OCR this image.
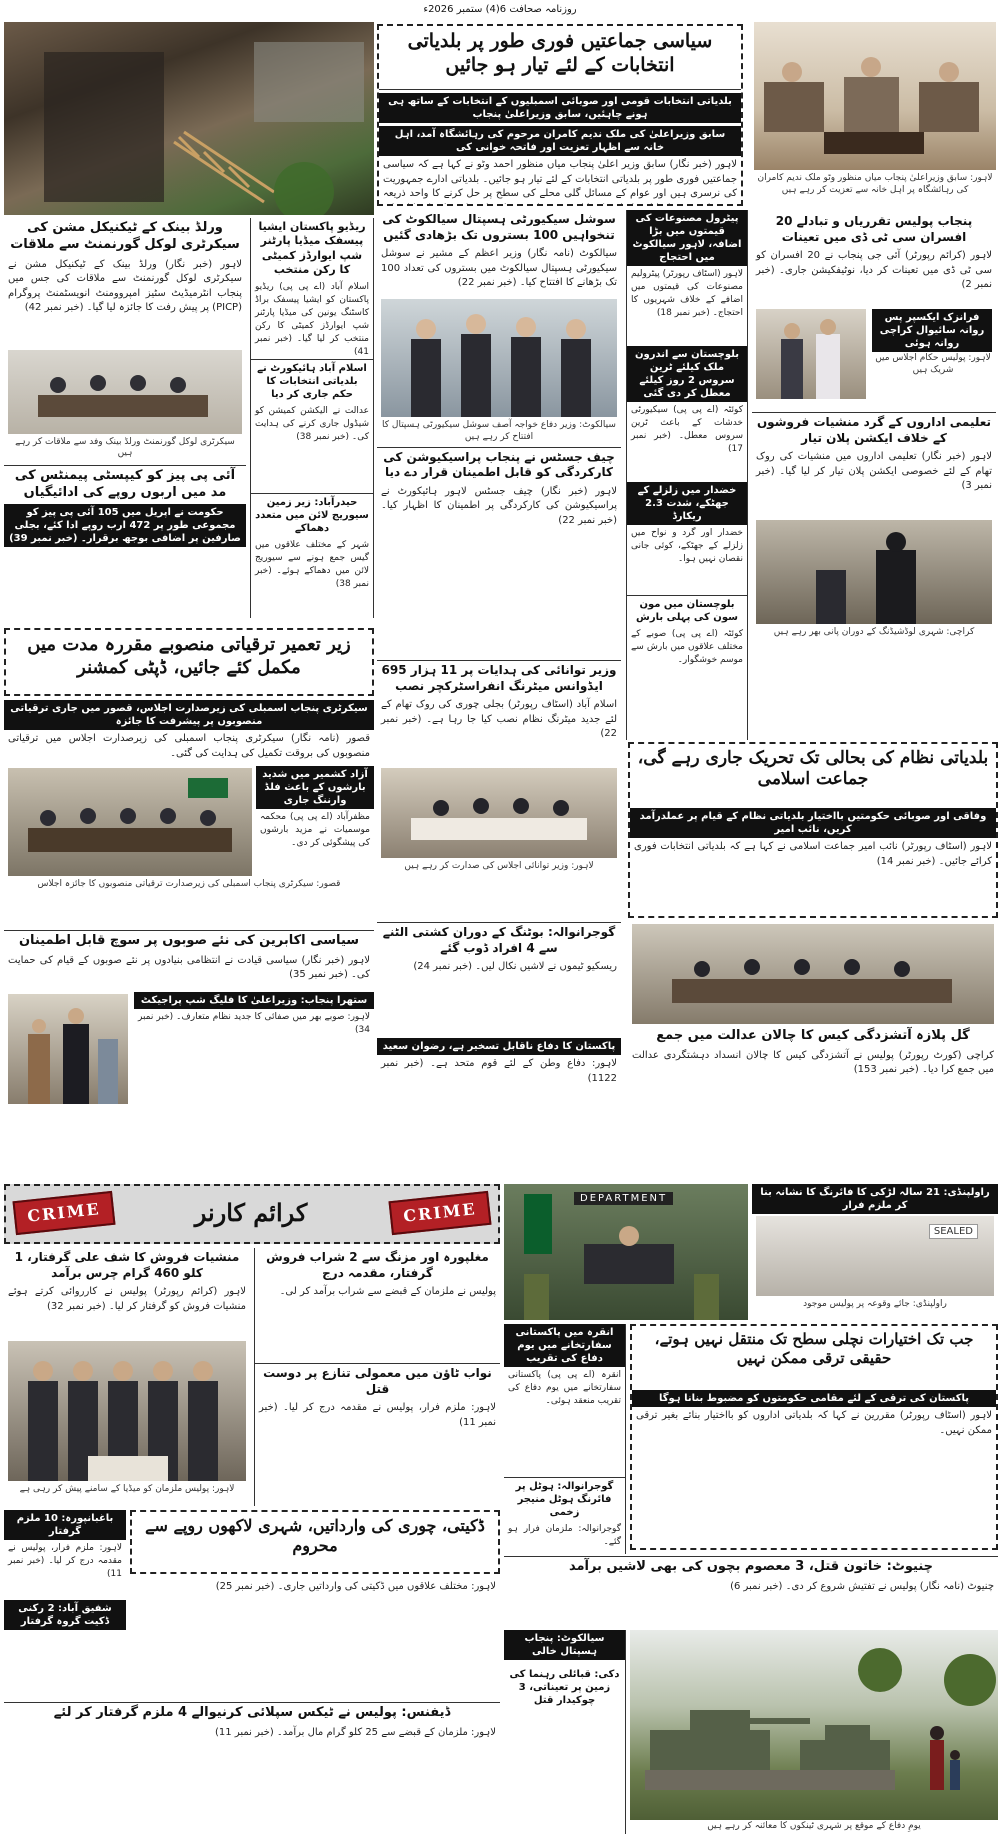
روزنامہ صحافت 6(4) ستمبر 2026ء
سیاسی جماعتیں فوری طور پر بلدیاتی انتخابات کے لئے تیار ہو جائیں
بلدیاتی انتخابات قومی اور صوبائی اسمبلیوں کے انتخابات کے ساتھ ہی ہونے چاہئیں، سابق وزیراعلیٰ پنجاب
سابق وزیراعلیٰ کی ملک ندیم کامران مرحوم کی رہائشگاہ آمد، اہل خانہ سے اظہار تعزیت اور فاتحہ خوانی کی
لاہور (خبر نگار) سابق وزیر اعلیٰ پنجاب میاں منظور احمد وٹو نے کہا ہے کہ سیاسی جماعتیں فوری طور پر بلدیاتی انتخابات کے لئے تیار ہو جائیں۔ بلدیاتی ادارے جمہوریت کی نرسری ہیں اور عوام کے مسائل گلی محلے کی سطح پر حل کرنے کا واحد ذریعہ
لاہور: سابق وزیراعلیٰ پنجاب میاں منظور وٹو ملک ندیم کامران کی رہائشگاہ پر اہل خانہ سے تعزیت کر رہے ہیں
ورلڈ بینک کے ٹیکنیکل مشن کی سیکرٹری لوکل گورنمنٹ سے ملاقات
لاہور (خبر نگار) ورلڈ بینک کے ٹیکنیکل مشن نے سیکرٹری لوکل گورنمنٹ سے ملاقات کی جس میں پنجاب انٹرمیڈیٹ سٹیز امپروومنٹ انویسٹمنٹ پروگرام (PICP) پر پیش رفت کا جائزہ لیا گیا۔ (خبر نمبر 42)
سیکرٹری لوکل گورنمنٹ ورلڈ بینک وفد سے ملاقات کر رہے ہیں
آئی پی پیز کو کیپسٹی پیمنٹس کی مد میں اربوں روپے کی ادائیگیاں
حکومت نے اپریل میں 105 آئی پی پیز کو مجموعی طور پر 472 ارب روپے ادا کئے، بجلی صارفین پر اضافی بوجھ برقرار۔ (خبر نمبر 39)
ریڈیو پاکستان ایشیا پیسفک میڈیا پارٹنر شپ ایوارڈز کمیٹی کا رکن منتخب
اسلام آباد (اے پی پی) ریڈیو پاکستان کو ایشیا پیسفک براڈ کاسٹنگ یونین کی میڈیا پارٹنر شپ ایوارڈز کمیٹی کا رکن منتخب کر لیا گیا۔ (خبر نمبر 41)
اسلام آباد ہائیکورٹ نے بلدیاتی انتخابات کا حکم جاری کر دیا
عدالت نے الیکشن کمیشن کو شیڈول جاری کرنے کی ہدایت کی۔ (خبر نمبر 38)
حیدرآباد: زیر زمین سیوریج لائن میں متعدد دھماکے
شہر کے مختلف علاقوں میں گیس جمع ہونے سے سیوریج لائن میں دھماکے ہوئے۔ (خبر نمبر 38)
سوشل سیکیورٹی ہسپتال سیالکوٹ کی تنخواہیں 100 بستروں تک بڑھادی گئیں
سیالکوٹ (نامہ نگار) وزیر اعظم کے مشیر نے سوشل سیکیورٹی ہسپتال سیالکوٹ میں بستروں کی تعداد 100 تک بڑھانے کا افتتاح کیا۔ (خبر نمبر 22)
سیالکوٹ: وزیر دفاع خواجہ آصف سوشل سیکیورٹی ہسپتال کا افتتاح کر رہے ہیں
چیف جسٹس نے پنجاب پراسیکیوشن کی کارکردگی کو قابل اطمینان قرار دے دیا
لاہور (خبر نگار) چیف جسٹس لاہور ہائیکورٹ نے پراسیکیوشن کی کارکردگی پر اطمینان کا اظہار کیا۔ (خبر نمبر 22)
پیٹرول مصنوعات کی قیمتوں میں بڑا اضافہ، لاہور سیالکوٹ میں احتجاج
لاہور (اسٹاف رپورٹر) پیٹرولیم مصنوعات کی قیمتوں میں اضافے کے خلاف شہریوں کا احتجاج۔ (خبر نمبر 18)
بلوچستان سے اندرون ملک کیلئے ٹرین سروس 2 روز کیلئے معطل کر دی گئی
کوئٹہ (اے پی پی) سیکیورٹی خدشات کے باعث ٹرین سروس معطل۔ (خبر نمبر 17)
خضدار میں زلزلے کے جھٹکے، شدت 2.3 ریکارڈ
خضدار اور گرد و نواح میں زلزلے کے جھٹکے، کوئی جانی نقصان نہیں ہوا۔
بلوچستان میں مون سون کی پہلی بارش
کوئٹہ (اے پی پی) صوبے کے مختلف علاقوں میں بارش سے موسم خوشگوار۔
پنجاب پولیس تقرریاں و تبادلے 20 افسران سی ٹی ڈی میں تعینات
لاہور (کرائم رپورٹر) آئی جی پنجاب نے 20 افسران کو سی ٹی ڈی میں تعینات کر دیا، نوٹیفکیشن جاری۔ (خبر نمبر 2)
فرانزک ایکسپر پس روانہ سائیوال کراچی روانہ ہوئی
لاہور: پولیس حکام اجلاس میں شریک ہیں
تعلیمی اداروں کے گرد منشیات فروشوں کے خلاف ایکشن پلان تیار
لاہور (خبر نگار) تعلیمی اداروں میں منشیات کی روک تھام کے لئے خصوصی ایکشن پلان تیار کر لیا گیا۔ (خبر نمبر 3)
کراچی: شہری لوڈشیڈنگ کے دوران پانی بھر رہے ہیں
زیر تعمیر ترقیاتی منصوبے مقررہ مدت میں مکمل کئے جائیں، ڈپٹی کمشنر
سیکرٹری پنجاب اسمبلی کی زیرصدارت اجلاس، قصور میں جاری ترقیاتی منصوبوں پر پیشرفت کا جائزہ
قصور (نامہ نگار) سیکرٹری پنجاب اسمبلی کی زیرصدارت اجلاس میں ترقیاتی منصوبوں کی بروقت تکمیل کی ہدایت کی گئی۔
آزاد کشمیر میں شدید بارشوں کے باعث فلڈ وارننگ جاری
مظفرآباد (اے پی پی) محکمہ موسمیات نے مزید بارشوں کی پیشگوئی کر دی۔
قصور: سیکرٹری پنجاب اسمبلی کی زیرصدارت ترقیاتی منصوبوں کا جائزہ اجلاس
وزیر توانائی کی ہدایات پر 11 ہزار 695 ایڈوانس میٹرنگ انفراسٹرکچر نصب
اسلام آباد (اسٹاف رپورٹر) بجلی چوری کی روک تھام کے لئے جدید میٹرنگ نظام نصب کیا جا رہا ہے۔ (خبر نمبر 22)
لاہور: وزیر توانائی اجلاس کی صدارت کر رہے ہیں
بلدیاتی نظام کی بحالی تک تحریک جاری رہے گی، جماعت اسلامی
وفاقی اور صوبائی حکومتیں بااختیار بلدیاتی نظام کے قیام پر عملدرآمد کریں، نائب امیر
لاہور (اسٹاف رپورٹر) نائب امیر جماعت اسلامی نے کہا ہے کہ بلدیاتی انتخابات فوری کرائے جائیں۔ (خبر نمبر 14)
سیاسی اکابرین کی نئے صوبوں پر سوچ قابل اطمینان
لاہور (خبر نگار) سیاسی قیادت نے انتظامی بنیادوں پر نئے صوبوں کے قیام کی حمایت کی۔ (خبر نمبر 35)
ستھرا پنجاب: وزیراعلیٰ کا فلیگ شپ پراجیکٹ
لاہور: صوبے بھر میں صفائی کا جدید نظام متعارف۔ (خبر نمبر 34)
گوجرانوالہ: بوٹنگ کے دوران کشتی الٹنے سے 4 افراد ڈوب گئے
ریسکیو ٹیموں نے لاشیں نکال لیں۔ (خبر نمبر 24)
پاکستان کا دفاع ناقابل تسخیر ہے، رضوان سعید
لاہور: دفاع وطن کے لئے قوم متحد ہے۔ (خبر نمبر 1122)
گل پلازہ آتشزدگی کیس کا چالان عدالت میں جمع
کراچی (کورٹ رپورٹر) پولیس نے آتشزدگی کیس کا چالان انسداد دہشتگردی عدالت میں جمع کرا دیا۔ (خبر نمبر 153)
CRIME	کرائم کارنر	CRIME
منشیات فروش کا شف علی گرفتار، 1 کلو 460 گرام چرس برآمد
لاہور (کرائم رپورٹر) پولیس نے کارروائی کرتے ہوئے منشیات فروش کو گرفتار کر لیا۔ (خبر نمبر 32)
لاہور: پولیس ملزمان کو میڈیا کے سامنے پیش کر رہی ہے
مغلپورہ اور مزنگ سے 2 شراب فروش گرفتار، مقدمہ درج
پولیس نے ملزمان کے قبضے سے شراب برآمد کر لی۔
نواب ٹاؤن میں معمولی تنازع پر دوست قتل
لاہور: ملزم فرار، پولیس نے مقدمہ درج کر لیا۔ (خبر نمبر 11)
DEPARTMENT
راولپنڈی: 21 سالہ لڑکی کا فائرنگ کا نشانہ بنا کر ملزم فرار
SEALED
راولپنڈی: جائے وقوعہ پر پولیس موجود
انقرہ میں پاکستانی سفارتخانے میں یوم دفاع کی تقریب
انقرہ (اے پی پی) پاکستانی سفارتخانے میں یوم دفاع کی تقریب منعقد ہوئی۔
گوجرانوالہ: ہوٹل پر فائرنگ ہوٹل منیجر زخمی
گوجرانوالہ: ملزمان فرار ہو گئے۔
جب تک اختیارات نچلی سطح تک منتقل نہیں ہوتے، حقیقی ترقی ممکن نہیں
پاکستان کی ترقی کے لئے مقامی حکومتوں کو مضبوط بنانا ہوگا
لاہور (اسٹاف رپورٹر) مقررین نے کہا کہ بلدیاتی اداروں کو بااختیار بنائے بغیر ترقی ممکن نہیں۔
ڈکیتی، چوری کی وارداتیں، شہری لاکھوں روپے سے محروم
لاہور: مختلف علاقوں میں ڈکیتی کی وارداتیں جاری۔ (خبر نمبر 25)
باغبانپورہ: 10 ملزم گرفتار
لاہور: ملزم فرار، پولیس نے مقدمہ درج کر لیا۔ (خبر نمبر 11)
شفیق آباد: 2 رکنی ڈکیت گروہ گرفتار
ڈیفنس: پولیس نے ٹیکس سپلائی کرنیوالے 4 ملزم گرفتار کر لئے
لاہور: ملزمان کے قبضے سے 25 کلو گرام مال برآمد۔ (خبر نمبر 11)
چنیوٹ: خاتون قتل، 3 معصوم بچوں کی بھی لاشیں برآمد
چنیوٹ (نامہ نگار) پولیس نے تفتیش شروع کر دی۔ (خبر نمبر 6)
سیالکوٹ: پنجاب ہسپتال خالی
دکی: قبائلی رہنما کی زمین پر تعیناتی، 3 چوکیدار قتل
یومِ دفاع کے موقع پر شہری ٹینکوں کا معائنہ کر رہے ہیں
